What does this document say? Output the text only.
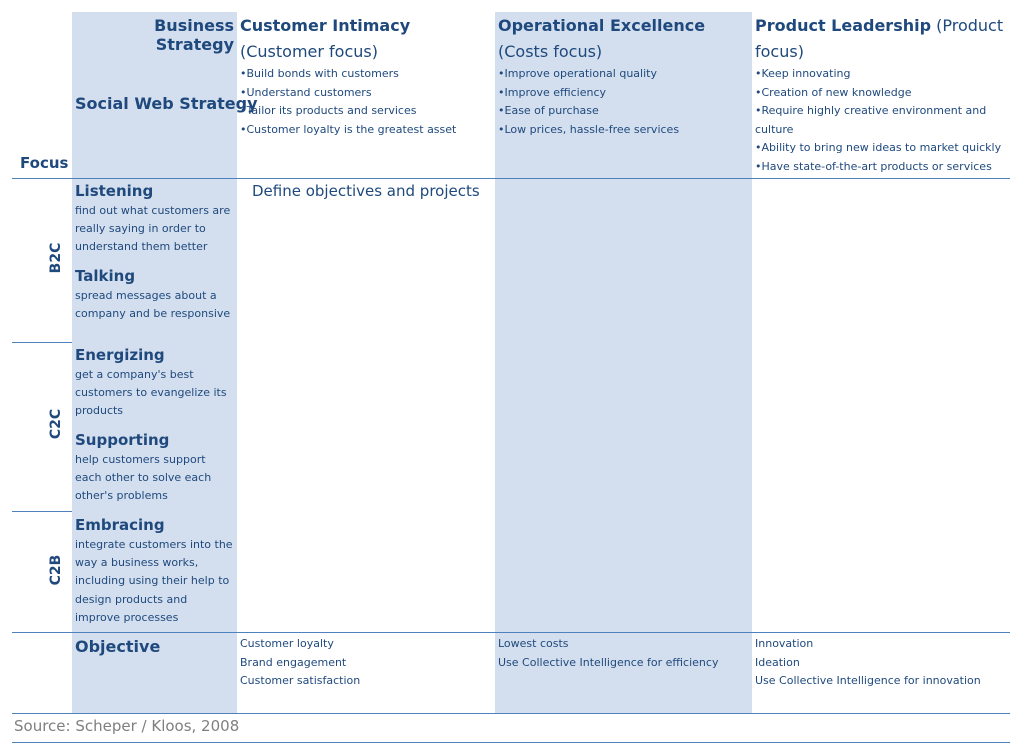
Business Strategy
Social Web Strategy
Focus
Customer Intimacy (Customer focus)
• Build bonds with customers
• Understand customers
• Tailor its products and services
• Customer loyalty is the greatest asset
Operational Excellence (Costs focus)
• Improve operational quality
• Improve efficiency
• Ease of purchase
• Low prices, hassle-free services
Product Leadership (Product focus)
• Keep innovating
• Creation of new knowledge
• Require highly creative environment and culture
• Ability to bring new ideas to market quickly
• Have state-of-the-art products or services
B2C
C2C
C2B
Listening
find out what customers are really saying in order to understand them better
Talking
spread messages about a company and be responsive
Energizing
get a company's best customers to evangelize its products
Supporting
help customers support each other to solve each other's problems
Embracing
integrate customers into the way a business works, including using their help to design products and improve processes
Define objectives and projects
Objective	Customer loyalty
Brand engagement
Customer satisfaction
Lowest costs
Use Collective Intelligence for efficiency
Innovation
Ideation
Use Collective Intelligence for innovation
Source: Scheper / Kloos, 2008
